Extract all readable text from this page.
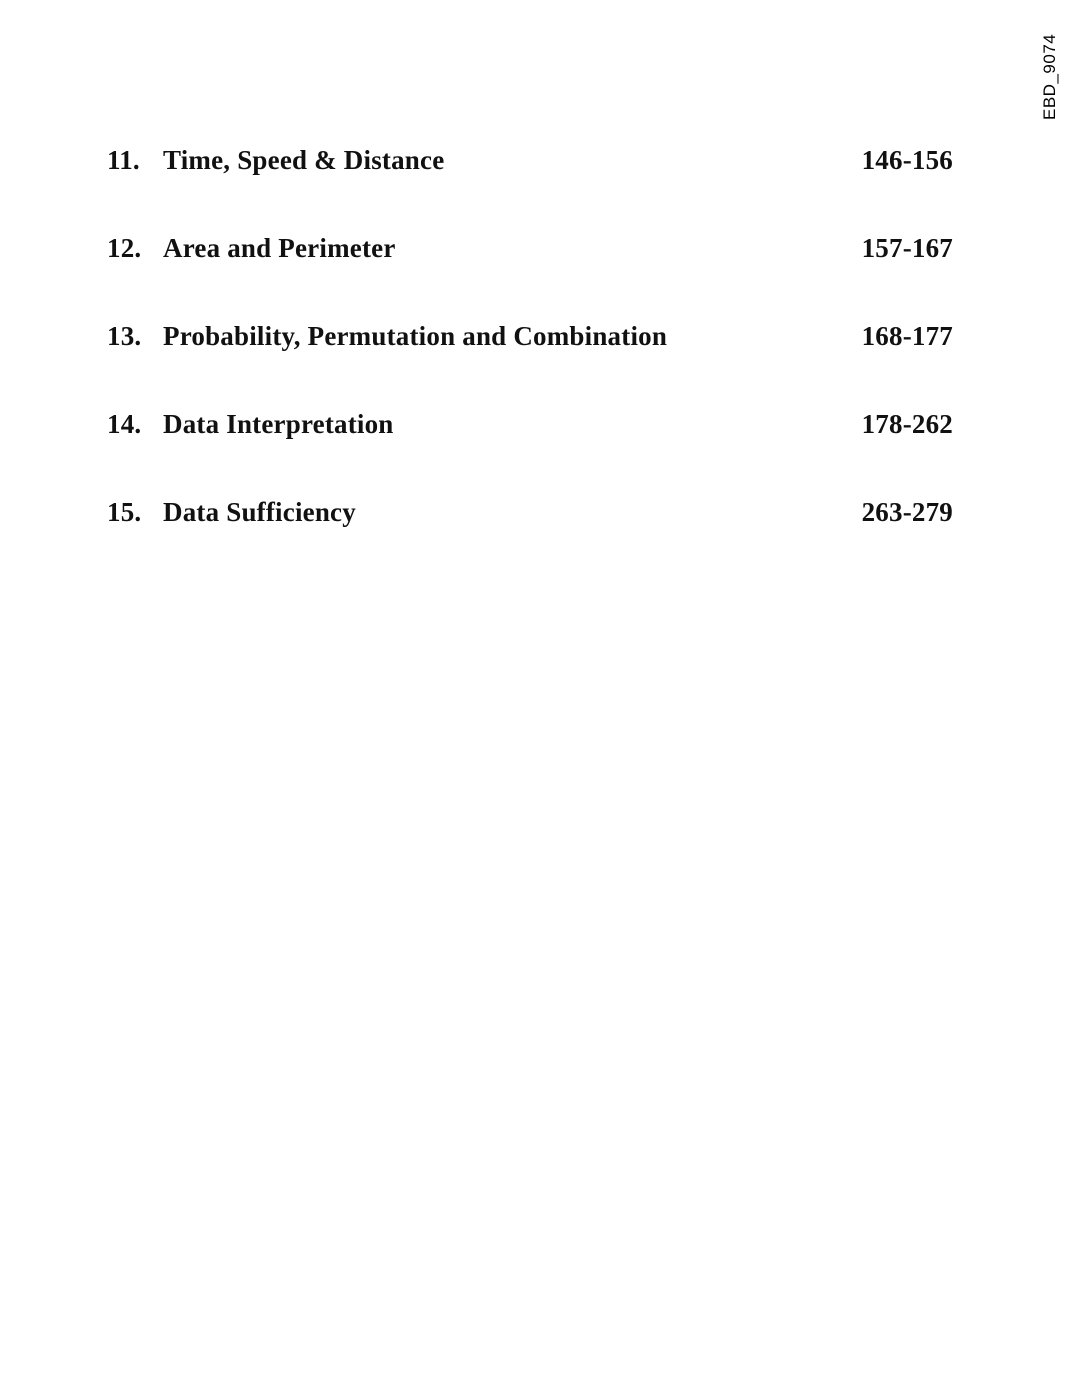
EBD_9074
11. Time, Speed & Distance	146-156
12. Area and Perimeter	157-167
13. Probability, Permutation and Combination	168-177
14. Data Interpretation	178-262
15. Data Sufficiency	263-279
